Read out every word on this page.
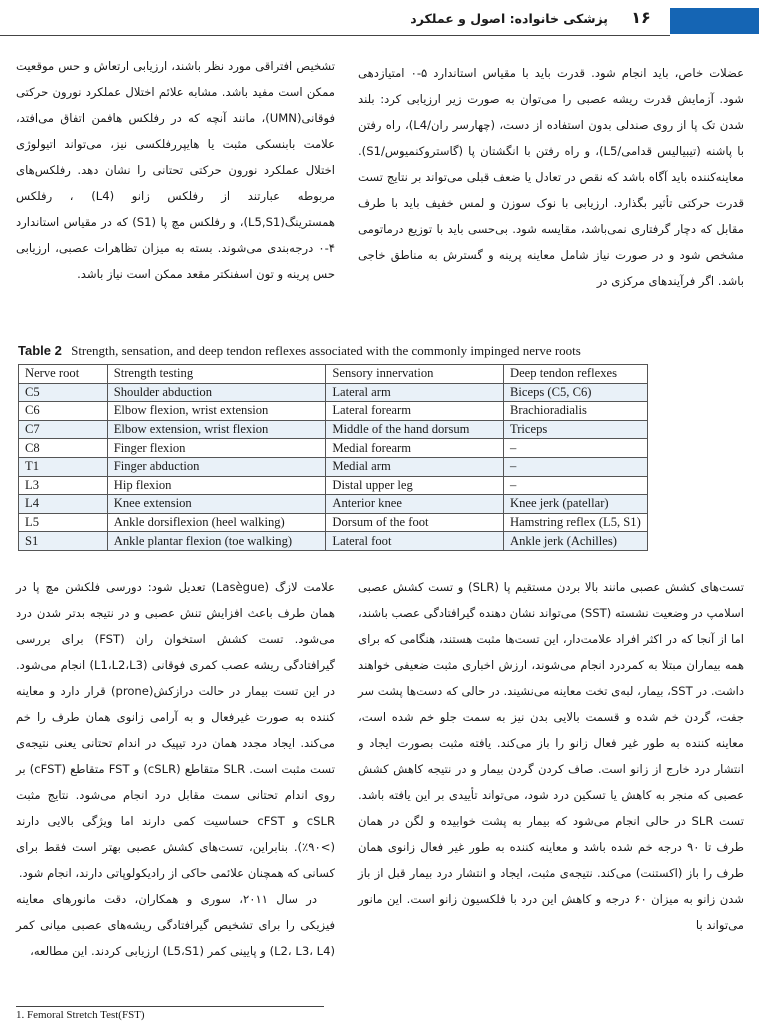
۱۶
پزشکی خانواده: اصول و عملکرد

عضلات خاص، باید انجام شود. قدرت باید با مقیاس استاندارد ۵-۰ امتیازدهی شود. آزمایش قدرت ریشه عصبی را می‌توان به صورت زیر ارزیابی کرد: بلند شدن تک پا از روی صندلی بدون استفاده از دست، (چهارسر ران/L4)، راه رفتن با پاشنه (تیبیالیس قدامی/L5)، و راه رفتن با انگشتان پا (گاستروکنمیوس/S1). معاینه‌کننده باید آگاه باشد که نقص در تعادل یا ضعف قبلی می‌تواند بر نتایج تست قدرت حرکتی تأثیر بگذارد. ارزیابی با نوک سوزن و لمس خفیف باید با طرف مقابل که دچار گرفتاری نمی‌باشد، مقایسه شود. بی‌حسی باید با توزیع درماتومی مشخص شود و در صورت نیاز شامل معاینه پرینه و گسترش به مناطق خاجی باشد. اگر فرآیندهای مرکزی در

تشخیص افتراقی مورد نظر باشند، ارزیابی ارتعاش و حس موقعیت ممکن است مفید باشد. مشابه علائم اختلال عملکرد نورون حرکتی فوقانی(UMN)، مانند آنچه که در رفلکس هافمن اتفاق می‌افتد، علامت بابنسکی مثبت یا هایپررفلکسی نیز، می‌تواند اتیولوژی اختلال عملکرد نورون حرکتی تحتانی را نشان دهد. رفلکس‌های مربوطه عبارتند از رفلکس زانو (L4) ، رفلکس همسترینگ(L5,S1)، و رفلکس مچ پا (S1) که در مقیاس استاندارد ۴-۰ درجه‌بندی می‌شوند. بسته به میزان تظاهرات عصبی، ارزیابی حس پرینه و تون اسفنکتر مقعد ممکن است نیاز باشد.

Table 2 Strength, sensation, and deep tendon reflexes associated with the commonly impinged nerve roots
Nerve root	Strength testing	Sensory innervation	Deep tendon reflexes
C5	Shoulder abduction	Lateral arm	Biceps (C5, C6)
C6	Elbow flexion, wrist extension	Lateral forearm	Brachioradialis
C7	Elbow extension, wrist flexion	Middle of the hand dorsum	Triceps
C8	Finger flexion	Medial forearm	–
T1	Finger abduction	Medial arm	–
L3	Hip flexion	Distal upper leg	–
L4	Knee extension	Anterior knee	Knee jerk (patellar)
L5	Ankle dorsiflexion (heel walking)	Dorsum of the foot	Hamstring reflex (L5, S1)
S1	Ankle plantar flexion (toe walking)	Lateral foot	Ankle jerk (Achilles)

تست‌های کشش عصبی مانند بالا بردن مستقیم پا (SLR) و تست کشش عصبی اسلامپ در وضعیت نشسته (SST) می‌تواند نشان دهنده گیرافتادگی عصب باشند، اما از آنجا که در اکثر افراد علامت‌دار، این تست‌ها مثبت هستند، هنگامی که برای همه بیماران مبتلا به کمردرد انجام می‌شوند، ارزش اخباری مثبت ضعیفی خواهند داشت. در SST، بیمار، لبه‌ی تخت معاینه می‌نشیند. در حالی که دست‌ها پشت سر جفت، گردن خم شده و قسمت بالایی بدن نیز به سمت جلو خم شده است، معاینه کننده به طور غیر فعال زانو را باز می‌کند. یافته مثبت بصورت ایجاد و انتشار درد خارج از زانو است. صاف کردن گردن بیمار و در نتیجه کاهش کشش عصبی که منجر به کاهش یا تسکین درد شود، می‌تواند تأییدی بر این یافته باشد. تست SLR در حالی انجام می‌شود که بیمار به پشت خوابیده و لگن در همان طرف تا ۹۰ درجه خم شده باشد و معاینه کننده به طور غیر فعال زانوی همان طرف را باز (اکستنت) می‌کند. نتیجه‌ی مثبت، ایجاد و انتشار درد بیمار قبل از باز شدن زانو به میزان ۶۰ درجه و کاهش این درد با فلکسیون زانو است. این مانور می‌تواند با

علامت لازگ (Lasègue) تعدیل شود: دورسی فلکشن مچ پا در همان طرف باعث افزایش تنش عصبی و در نتیجه بدتر شدن درد می‌شود. تست کشش استخوان ران (FST) برای بررسی گیرافتادگی ریشه عصب کمری فوقانی (L1،L2،L3) انجام می‌شود. در این تست بیمار در حالت درازکش(prone) قرار دارد و معاینه کننده به صورت غیرفعال و به آرامی زانوی همان طرف را خم می‌کند. ایجاد مجدد همان درد تیپیک در اندام تحتانی یعنی نتیجه‌ی تست مثبت است. SLR متقاطع (cSLR) و FST متقاطع (cFST) بر روی اندام تحتانی سمت مقابل درد انجام می‌شود. نتایج مثبت cSLR و cFST حساسیت کمی دارند اما ویژگی بالایی دارند (>۹۰٪). بنابراین، تست‌های کشش عصبی بهتر است فقط برای کسانی که همچنان علائمی حاکی از رادیکولوپاتی دارند، انجام شود.

در سال ۲۰۱۱، سوری و همکاران، دقت مانورهای معاینه فیزیکی را برای تشخیص گیرافتادگی ریشه‌های عصبی میانی کمر (L2، L3، L4) و پایینی کمر (L5،S1) ارزیابی کردند. این مطالعه،

1. Femoral Stretch Test(FST)
